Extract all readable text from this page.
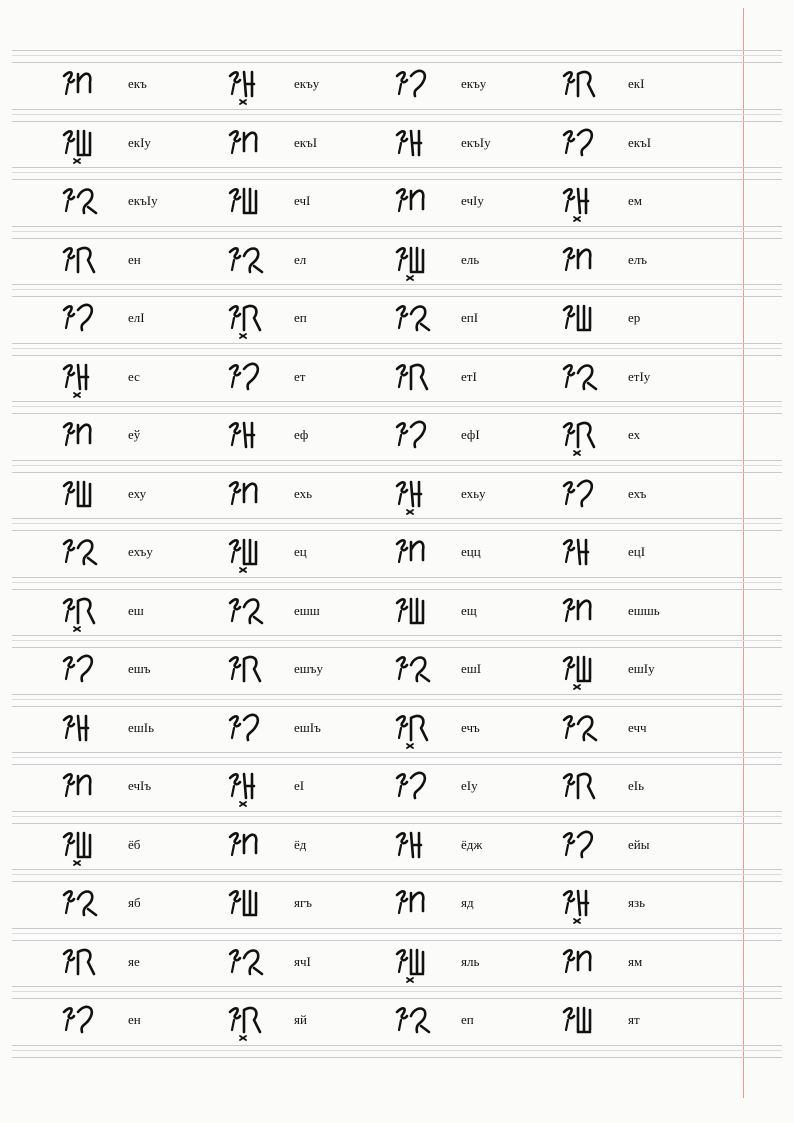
екъ	екъу	екъу	екI
екIу	екъI	екъIу	екъI
екъIу	ечI	ечIу	ем
ен	ел	ель	елъ
елI	еп	епI	ер
ес	ет	етI	етIу
еў	еф	ефI	ех
еху	ехь	ехьу	ехъ
ехъу	ец	ецц	ецI
еш	ешш	ещ	ешшь
ешъ	ешъу	ешI	ешIу
ешIь	ешIъ	ечъ	ечч
ечIъ	еI	еIу	еIь
ёб	ёд	ёдж	ейы
яб	ягъ	яд	язь
яе	ячI	яль	ям
ен	яй	еп	ят
